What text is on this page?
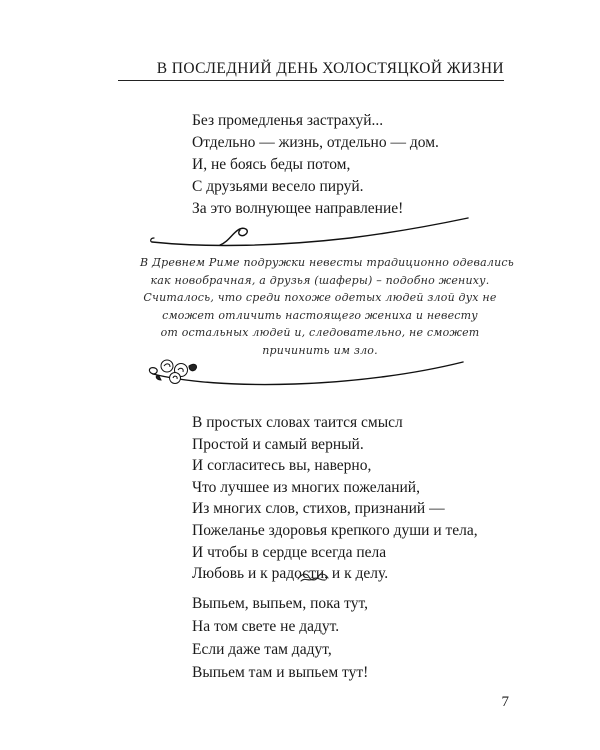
В ПОСЛЕДНИЙ ДЕНЬ ХОЛОСТЯЦКОЙ ЖИЗНИ
Без промедленья застрахуй...
Отдельно — жизнь, отдельно — дом.
И, не боясь беды потом,
С друзьями весело пируй.
За это волнующее направление!
В Древнем Риме подружки невесты традиционно одевались
как новобрачная, а друзья (шаферы) – подобно жениху.
Считалось, что среди похоже одетых людей злой дух не
сможет отличить настоящего жениха и невесту
от остальных людей и, следовательно, не сможет
причинить им зло.
В простых словах таится смысл
Простой и самый верный.
И согласитесь вы, наверно,
Что лучшее из многих пожеланий,
Из многих слов, стихов, признаний —
Пожеланье здоровья крепкого души и тела,
И чтобы в сердце всегда пела
Любовь и к радости, и к делу.
Выпьем, выпьем, пока тут,
На том свете не дадут.
Если даже там дадут,
Выпьем там и выпьем тут!
7
